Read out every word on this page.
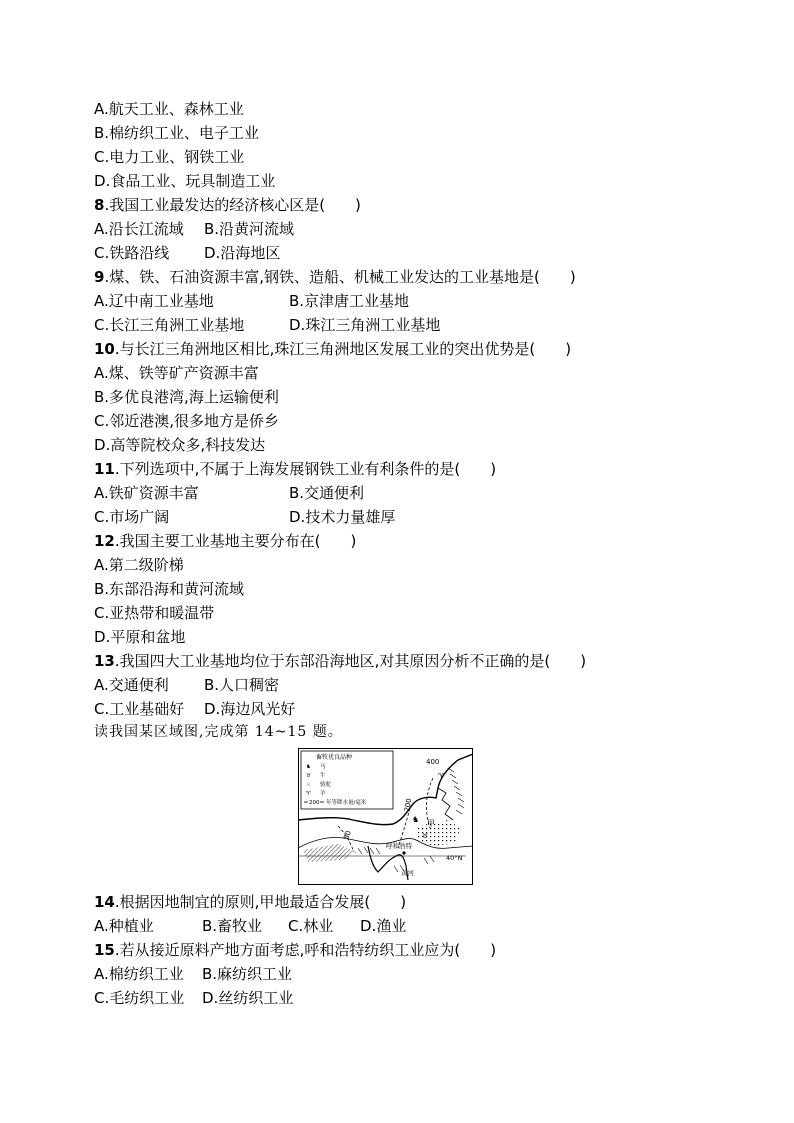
A.航天工业、森林工业
B.棉纺织工业、电子工业
C.电力工业、钢铁工业
D.食品工业、玩具制造工业
8.我国工业最发达的经济核心区是(　　)
A.沿长江流域 B.沿黄河流域
C.铁路沿线 D.沿海地区
9.煤、铁、石油资源丰富,钢铁、造船、机械工业发达的工业基地是(　　)
A.辽中南工业基地	B.京津唐工业基地
C.长江三角洲工业基地	D.珠江三角洲工业基地
10.与长江三角洲地区相比,珠江三角洲地区发展工业的突出优势是(　　)
A.煤、铁等矿产资源丰富
B.多优良港湾,海上运输便利
C.邻近港澳,很多地方是侨乡
D.高等院校众多,科技发达
11.下列选项中,不属于上海发展钢铁工业有利条件的是(　　)
A.铁矿资源丰富	B.交通便利
C.市场广阔	D.技术力量雄厚
12.我国主要工业基地主要分布在(　　)
A.第二级阶梯
B.东部沿海和黄河流域
C.亚热带和暖温带
D.平原和盆地
13.我国四大工业基地均位于东部沿海地区,对其原因分析不正确的是(　　)
A.交通便利 B.人口稠密
C.工业基础好 D.海边风光好
读我国某区域图,完成第 14~15 题。
畜牧优良品种
♞ 马
♉ 牛
♘ 骆驼
♈ 羊
200 年等降水量/毫米
400
200
50
甲
呼和浩特
黄河
40°N
♞
♉
♈
14.根据因地制宜的原则,甲地最适合发展(　　)
A.种植业	B.畜牧业 C.林业 D.渔业
15.若从接近原料产地方面考虑,呼和浩特纺织工业应为(　　)
A.棉纺织工业 B.麻纺织工业
C.毛纺织工业 D.丝纺织工业
